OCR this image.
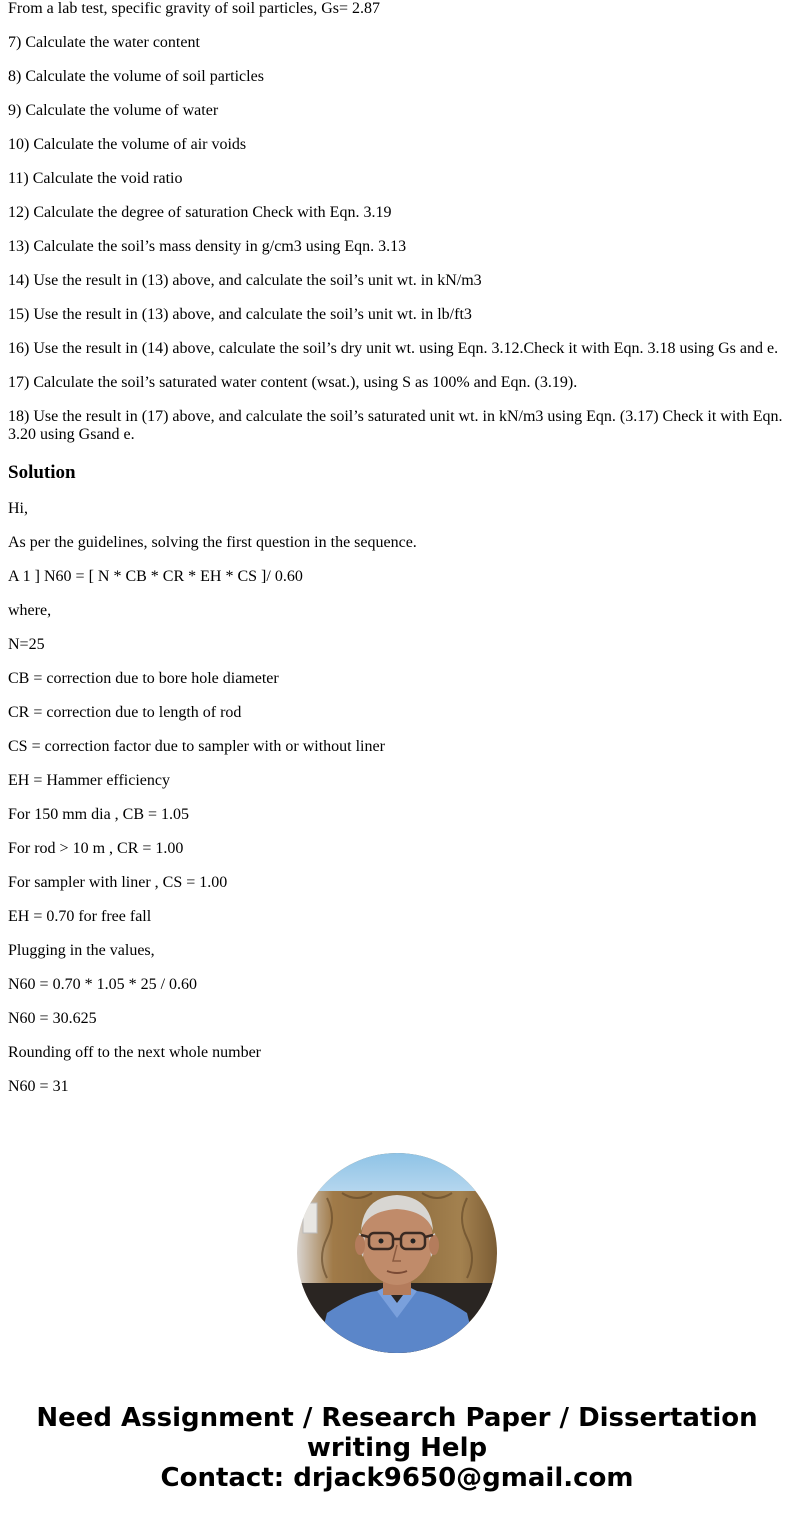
From a lab test, specific gravity of soil particles, Gs= 2.87

7) Calculate the water content

8) Calculate the volume of soil particles

9) Calculate the volume of water

10) Calculate the volume of air voids

11) Calculate the void ratio

12) Calculate the degree of saturation Check with Eqn. 3.19

13) Calculate the soil’s mass density in g/cm3 using Eqn. 3.13

14) Use the result in (13) above, and calculate the soil’s unit wt. in kN/m3

15) Use the result in (13) above, and calculate the soil’s unit wt. in lb/ft3

16) Use the result in (14) above, calculate the soil’s dry unit wt. using Eqn. 3.12.Check it with Eqn. 3.18 using Gs and e.

17) Calculate the soil’s saturated water content (wsat.), using S as 100% and Eqn. (3.19).

18) Use the result in (17) above, and calculate the soil’s saturated unit wt. in kN/m3 using Eqn. (3.17) Check it with Eqn. 3.20 using Gsand e.

Solution

Hi,

As per the guidelines, solving the first question in the sequence.

A 1 ] N60 = [ N * CB * CR * EH * CS ]/ 0.60

where,

N=25

CB = correction due to bore hole diameter

CR = correction due to length of rod

CS = correction factor due to sampler with or without liner

EH = Hammer efficiency

For 150 mm dia , CB = 1.05

For rod > 10 m , CR = 1.00

For sampler with liner , CS = 1.00

EH = 0.70 for free fall

Plugging in the values,

N60 = 0.70 * 1.05 * 25 / 0.60

N60 = 30.625

Rounding off to the next whole number

N60 = 31

Need Assignment / Research Paper / Dissertation
writing Help
Contact: drjack9650@gmail.com
